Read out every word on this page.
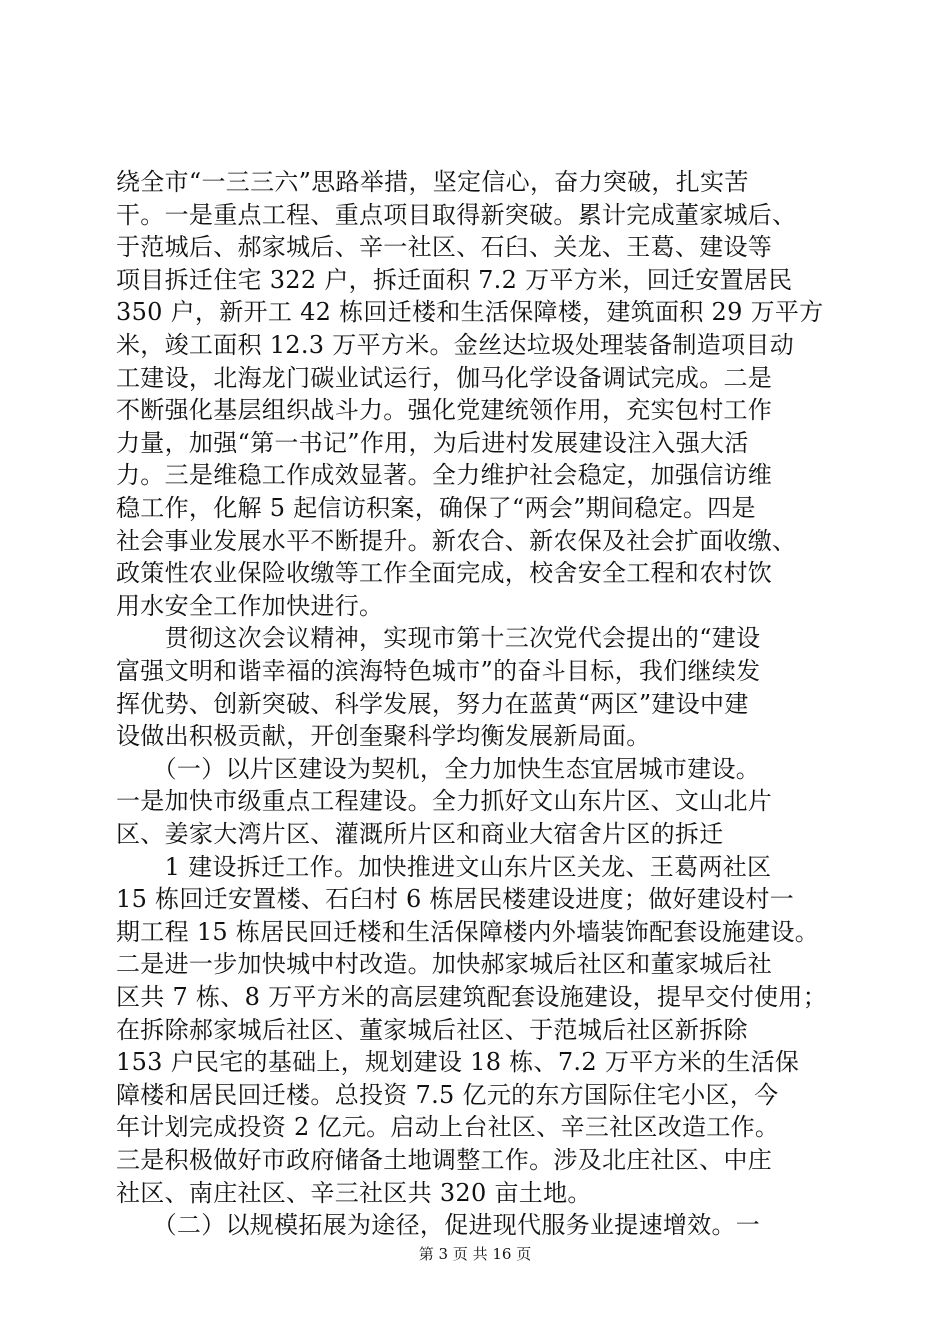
绕全市“一三三六”思路举措，坚定信心，奋力突破，扎实苦
干。一是重点工程、重点项目取得新突破。累计完成董家城后、
于范城后、郝家城后、辛一社区、石臼、关龙、王葛、建设等
项目拆迁住宅 322 户，拆迁面积 7.2 万平方米，回迁安置居民
350 户，新开工 42 栋回迁楼和生活保障楼，建筑面积 29 万平方
米，竣工面积 12.3 万平方米。金丝达垃圾处理装备制造项目动
工建设，北海龙门碳业试运行，伽马化学设备调试完成。二是
不断强化基层组织战斗力。强化党建统领作用，充实包村工作
力量，加强“第一书记”作用，为后进村发展建设注入强大活
力。三是维稳工作成效显著。全力维护社会稳定，加强信访维
稳工作，化解 5 起信访积案，确保了“两会”期间稳定。四是
社会事业发展水平不断提升。新农合、新农保及社会扩面收缴、
政策性农业保险收缴等工作全面完成，校舍安全工程和农村饮
用水安全工作加快进行。
　　贯彻这次会议精神，实现市第十三次党代会提出的“建设
富强文明和谐幸福的滨海特色城市”的奋斗目标，我们继续发
挥优势、创新突破、科学发展，努力在蓝黄“两区”建设中建
设做出积极贡献，开创奎聚科学均衡发展新局面。
　　（一）以片区建设为契机，全力加快生态宜居城市建设。
一是加快市级重点工程建设。全力抓好文山东片区、文山北片
区、姜家大湾片区、灌溉所片区和商业大宿舍片区的拆迁
　　1 建设拆迁工作。加快推进文山东片区关龙、王葛两社区
15 栋回迁安置楼、石臼村 6 栋居民楼建设进度；做好建设村一
期工程 15 栋居民回迁楼和生活保障楼内外墙装饰配套设施建设。
二是进一步加快城中村改造。加快郝家城后社区和董家城后社
区共 7 栋、8 万平方米的高层建筑配套设施建设，提早交付使用；
在拆除郝家城后社区、董家城后社区、于范城后社区新拆除
153 户民宅的基础上，规划建设 18 栋、7.2 万平方米的生活保
障楼和居民回迁楼。总投资 7.5 亿元的东方国际住宅小区，今
年计划完成投资 2 亿元。启动上台社区、辛三社区改造工作。
三是积极做好市政府储备土地调整工作。涉及北庄社区、中庄
社区、南庄社区、辛三社区共 320 亩土地。
　　（二）以规模拓展为途径，促进现代服务业提速增效。一
第 3 页 共 16 页
